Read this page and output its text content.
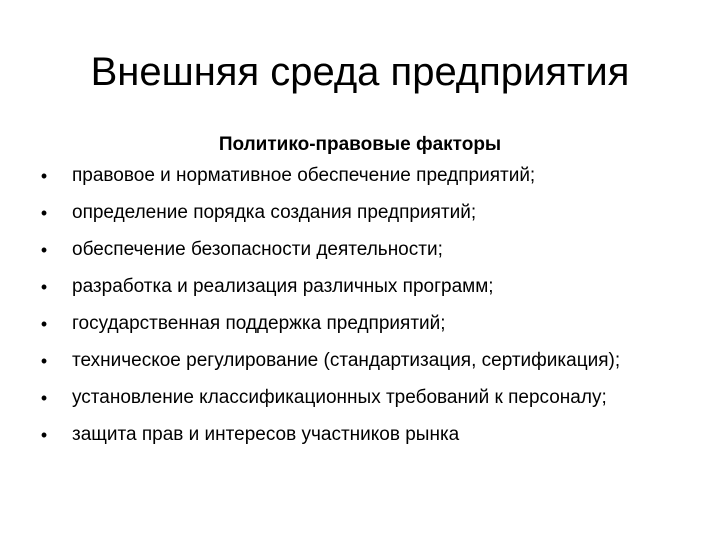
Внешняя среда предприятия
Политико-правовые факторы
•	правовое и нормативное обеспечение предприятий;
•	определение порядка создания предприятий;
•	обеспечение безопасности деятельности;
•	разработка и реализация различных программ;
•	государственная поддержка предприятий;
•	техническое регулирование (стандартизация, сертификация);
•	установление классификационных требований к персоналу;
•	защита прав и интересов участников рынка
